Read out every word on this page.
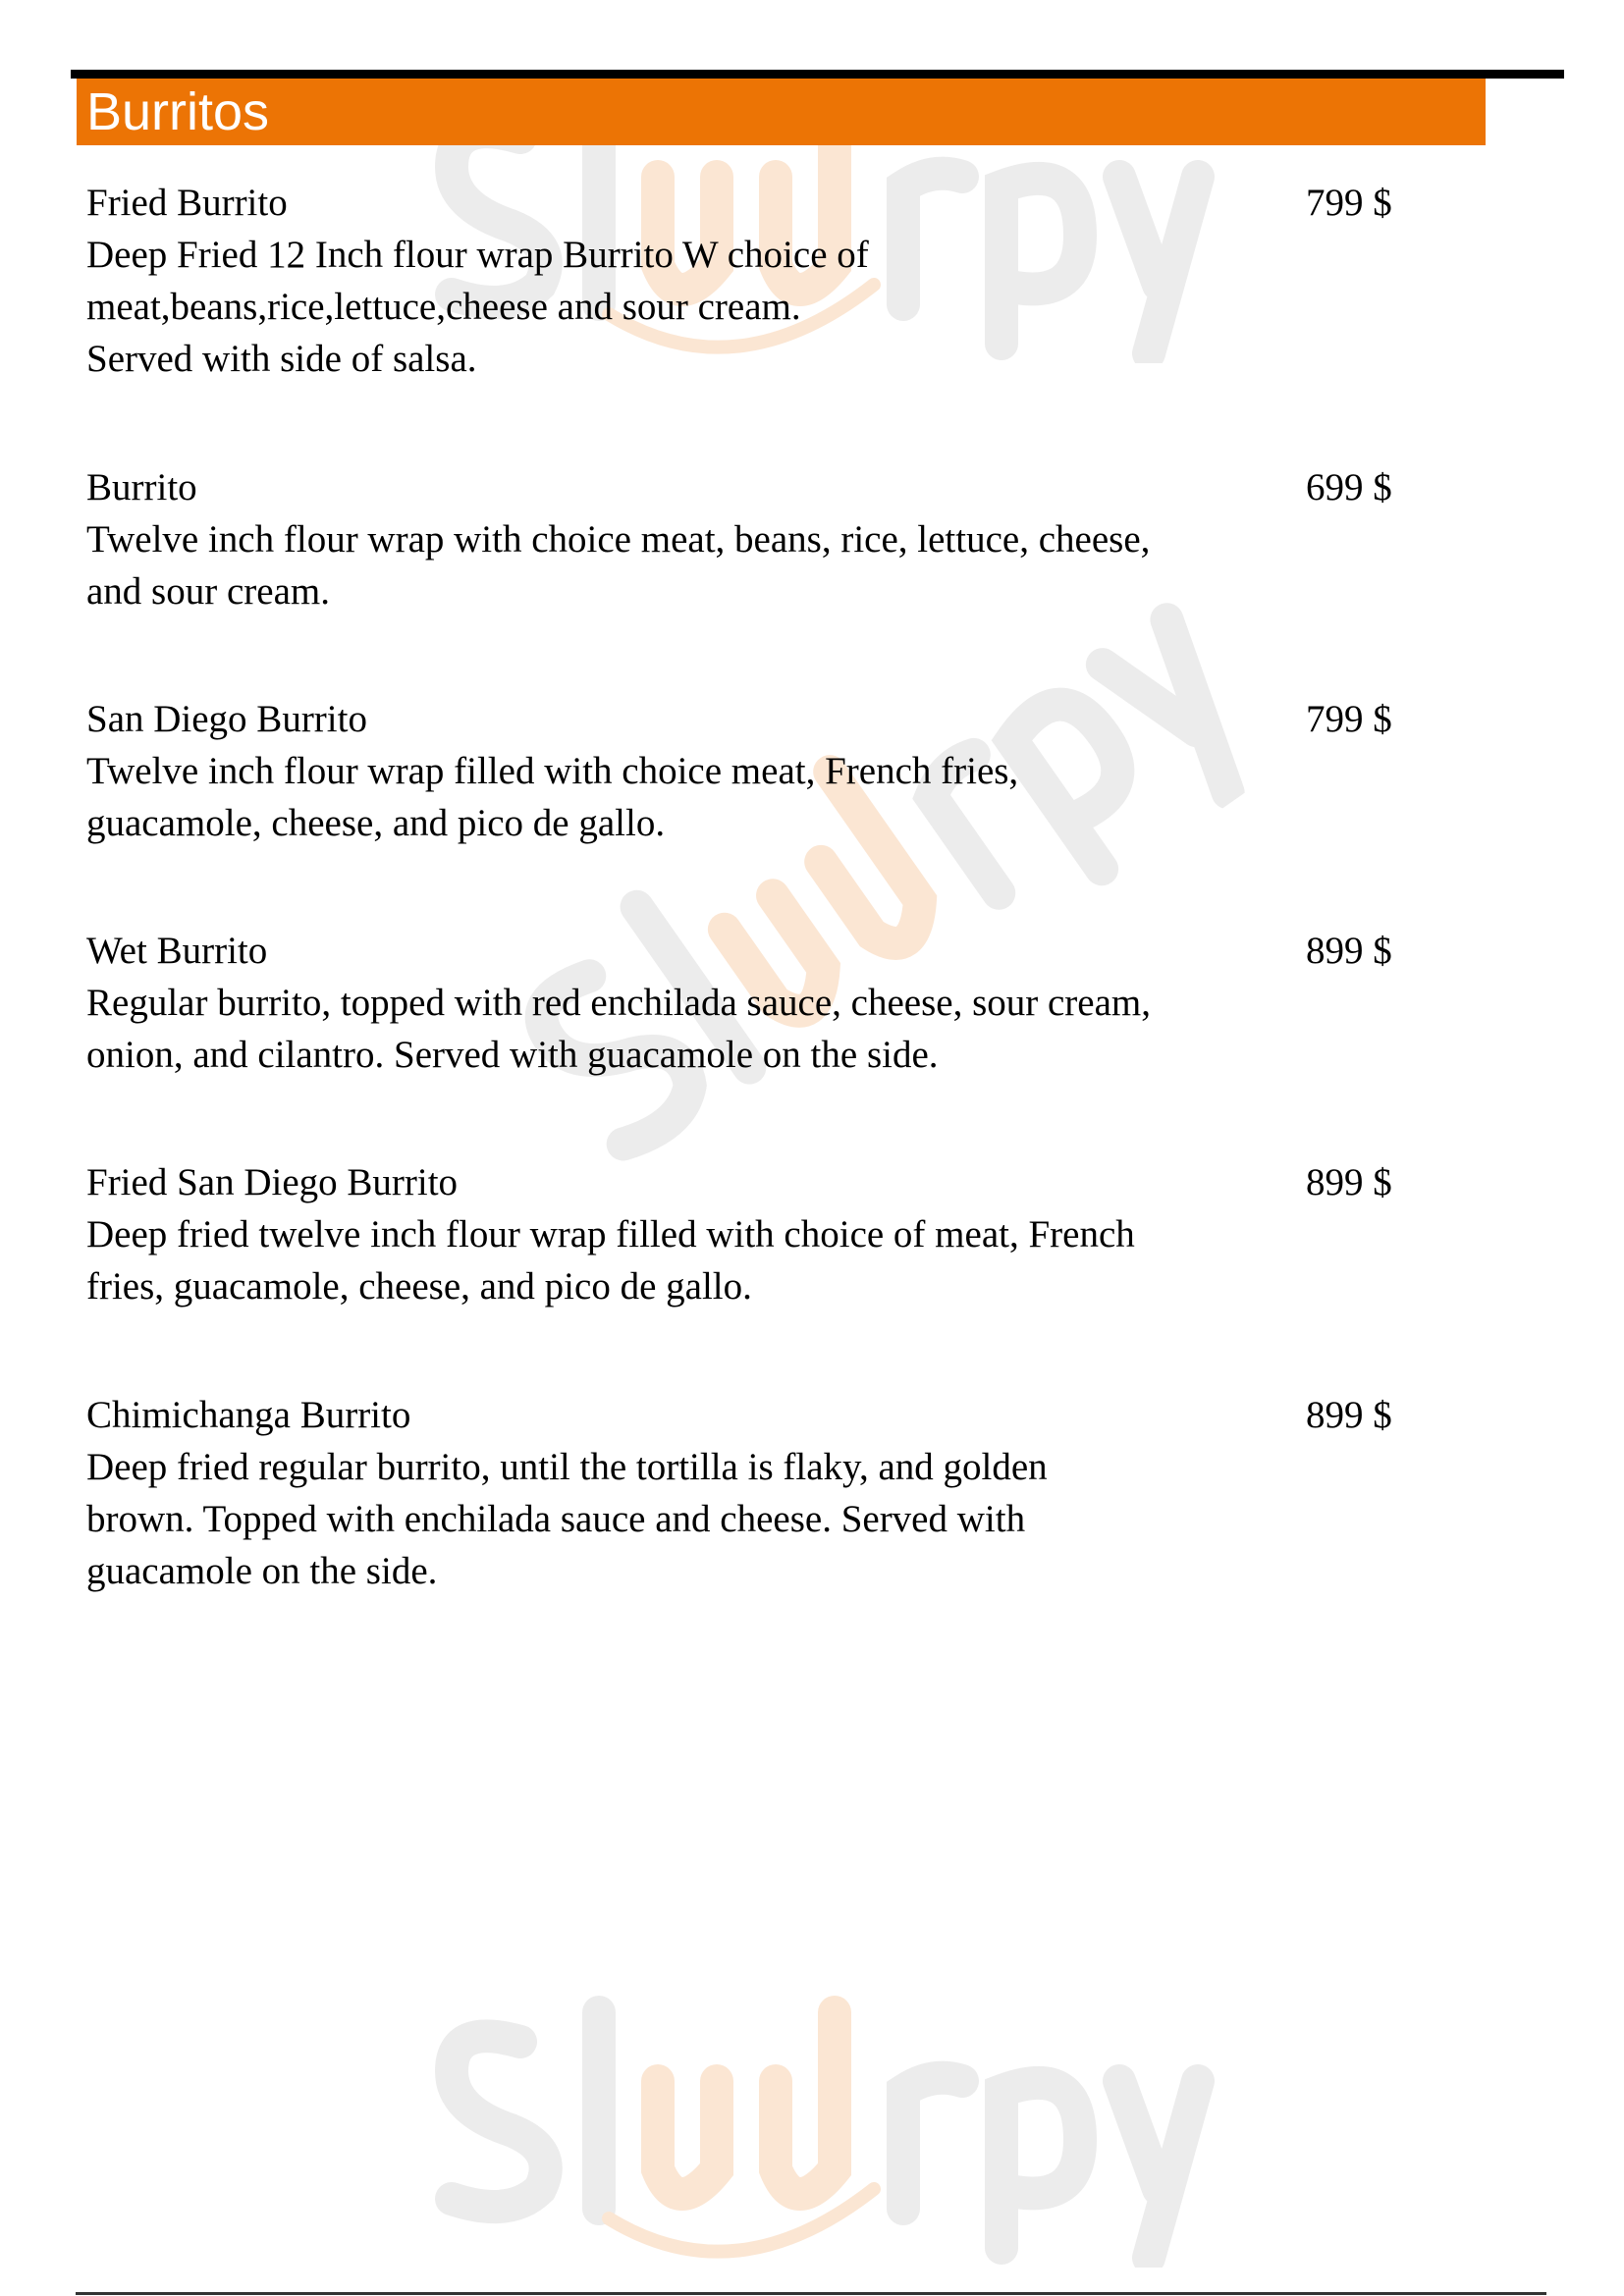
Burritos
Fried Burrito
Deep Fried 12 Inch flour wrap Burrito W choice of
meat,beans,rice,lettuce,cheese and sour cream.
Served with side of salsa.
799 $
Burrito
Twelve inch flour wrap with choice meat, beans, rice, lettuce, cheese,
and sour cream.
699 $
San Diego Burrito
Twelve inch flour wrap filled with choice meat, French fries,
guacamole, cheese, and pico de gallo.
799 $
Wet Burrito
Regular burrito, topped with red enchilada sauce, cheese, sour cream,
onion, and cilantro. Served with guacamole on the side.
899 $
Fried San Diego Burrito
Deep fried twelve inch flour wrap filled with choice of meat, French
fries, guacamole, cheese, and pico de gallo.
899 $
Chimichanga Burrito
Deep fried regular burrito, until the tortilla is flaky, and golden
brown. Topped with enchilada sauce and cheese. Served with
guacamole on the side.
899 $
